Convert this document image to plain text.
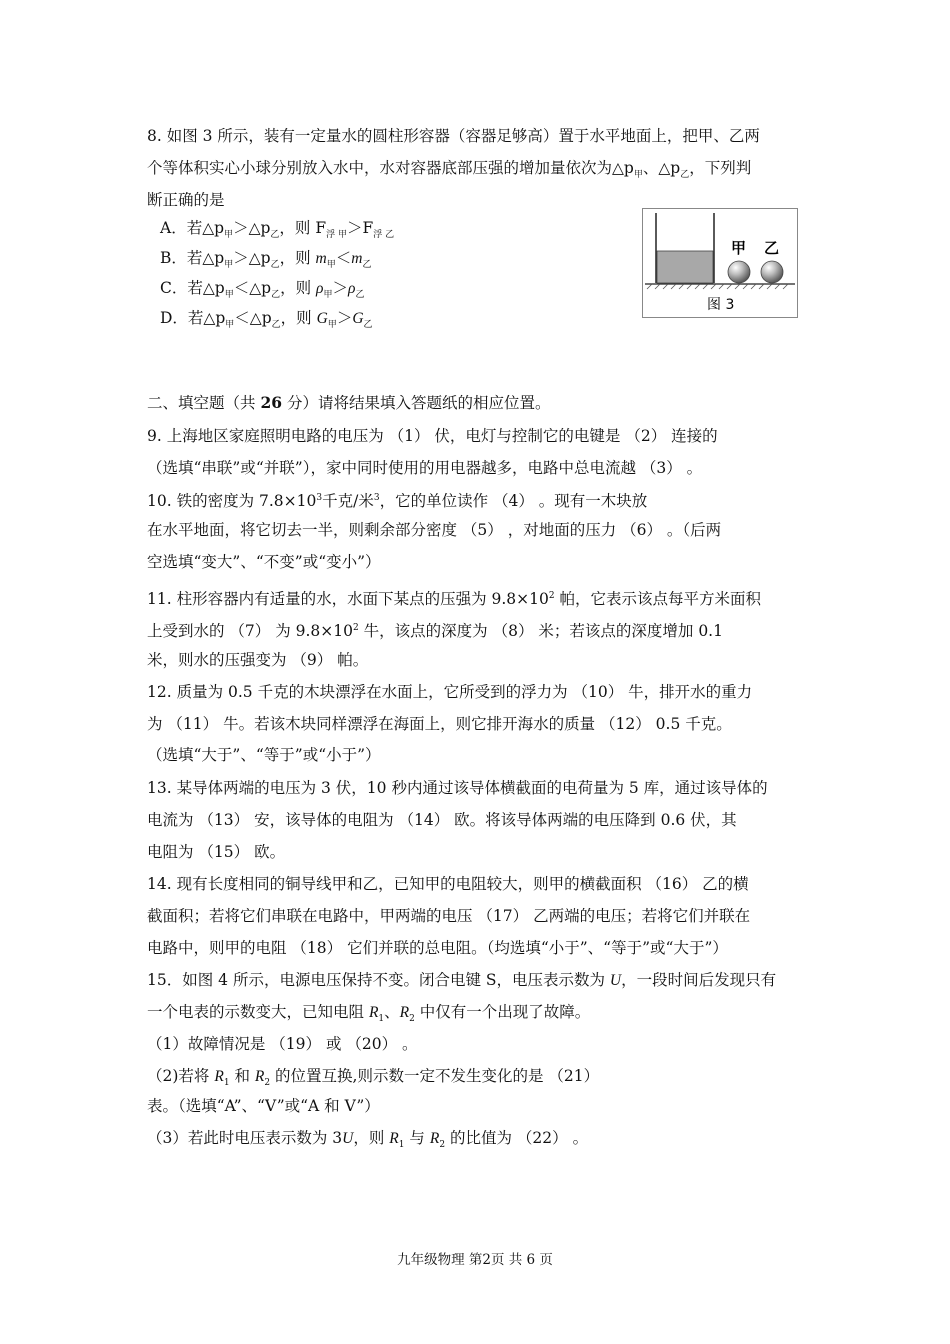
8. 如图 3 所示，装有一定量水的圆柱形容器（容器足够高）置于水平地面上，把甲、乙两
个等体积实心小球分别放入水中，水对容器底部压强的增加量依次为$\triangle p_甲$、$\triangle p_乙$，下列判
断正确的是
A．若$\triangle p_甲>\triangle p_乙$，则 $F_{浮 甲}>F_{浮 乙}$
B．若$\triangle p_甲>\triangle p_乙$，则 $m_甲<m_乙$
C．若$\triangle p_甲<\triangle p_乙$，则 $\rho_甲>\rho_乙$
D．若$\triangle p_甲<\triangle p_乙$，则 $G_甲>G_乙$
甲 乙
图 3
二、填空题（共 26 分）请将结果填入答题纸的相应位置。
9. 上海地区家庭照明电路的电压为 （1） 伏，电灯与控制它的电键是 （2） 连接的
（选填“串联”或“并联”），家中同时使用的用电器越多，电路中总电流越 （3） 。
10. 铁的密度为 $7.8\times 10^3$千克/米$^3$，它的单位读作 （4） 。现有一木块放
在水平地面，将它切去一半，则剩余部分密度 （5） ，对地面的压力 （6） 。（后两
空选填“变大”、“不变”或“变小”）
11. 柱形容器内有适量的水，水面下某点的压强为 $9.8\times 10^2$ 帕，它表示该点每平方米面积
上受到水的 （7） 为 $9.8\times 10^2$ 牛，该点的深度为 （8） 米；若该点的深度增加 0.1
米，则水的压强变为 （9） 帕。
12. 质量为 0.5 千克的木块漂浮在水面上，它所受到的浮力为 （10） 牛，排开水的重力
为 （11） 牛。若该木块同样漂浮在海面上，则它排开海水的质量 （12） 0.5 千克。
（选填“大于”、“等于”或“小于”）
13. 某导体两端的电压为 3 伏，10 秒内通过该导体横截面的电荷量为 5 库，通过该导体的
电流为 （13） 安，该导体的电阻为 （14） 欧。将该导体两端的电压降到 0.6 伏，其
电阻为 （15） 欧。
14. 现有长度相同的铜导线甲和乙，已知甲的电阻较大，则甲的横截面积 （16） 乙的横
截面积；若将它们串联在电路中，甲两端的电压 （17） 乙两端的电压；若将它们并联在
电路中，则甲的电阻 （18） 它们并联的总电阻。（均选填“小于”、“等于”或“大于”）
15．如图 4 所示，电源电压保持不变。闭合电键 S，电压表示数为 U，一段时间后发现只有
一个电表的示数变大，已知电阻 $R_1$、$R_2$ 中仅有一个出现了故障。
（1）故障情况是 （19） 或 （20） 。
（2)若将 $R_1$ 和 $R_2$ 的位置互换,则示数一定不发生变化的是 （21）
表。（选填“A”、“V”或“A 和 V”）
（3）若此时电压表示数为 3U，则 $R_1$ 与 $R_2$ 的比值为 （22） 。
九年级物理 第2页 共 6 页
